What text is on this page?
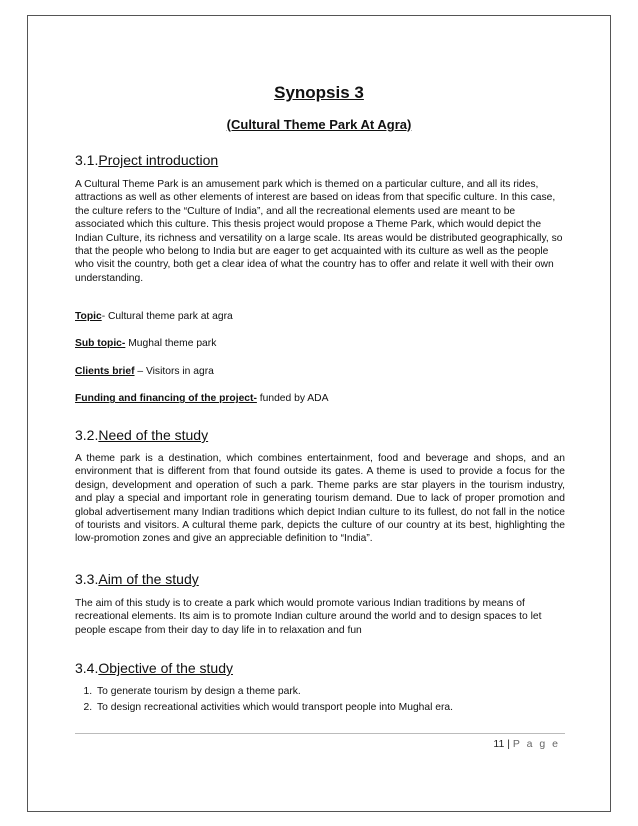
Synopsis 3
(Cultural Theme Park At Agra)

3.1.Project introduction

A Cultural Theme Park is an amusement park which is themed on a particular culture, and all its rides, attractions as well as other elements of interest are based on ideas from that specific culture. In this case, the culture refers to the “Culture of India”, and all the recreational elements used are meant to be associated which this culture. This thesis project would propose a Theme Park, which would depict the Indian Culture, its richness and versatility on a large scale. Its areas would be distributed geographically, so that the people who belong to India but are eager to get acquainted with its culture as well as the people who visit the country, both get a clear idea of what the country has to offer and relate it well with their own understanding.

Topic- Cultural theme park at agra

Sub topic- Mughal theme park

Clients brief – Visitors in agra

Funding and financing of the project- funded by ADA

3.2.Need of the study

A theme park is a destination, which combines entertainment, food and beverage and shops, and an environment that is different from that found outside its gates. A theme is used to provide a focus for the design, development and operation of such a park. Theme parks are star players in the tourism industry, and play a special and important role in generating tourism demand. Due to lack of proper promotion and global advertisement many Indian traditions which depict Indian culture to its fullest, do not fall in the notice of tourists and visitors. A cultural theme park, depicts the culture of our country at its best, highlighting the low-promotion zones and give an appreciable definition to “India”.

3.3.Aim of the study

The aim of this study is to create a park which would promote various Indian traditions by means of recreational elements. Its aim is to promote Indian culture around the world and to design spaces to let people escape from their day to day life in to relaxation and fun

3.4.Objective of the study

1. To generate tourism by design a theme park.
2. To design recreational activities which would transport people into Mughal era.
11 | P a g e
